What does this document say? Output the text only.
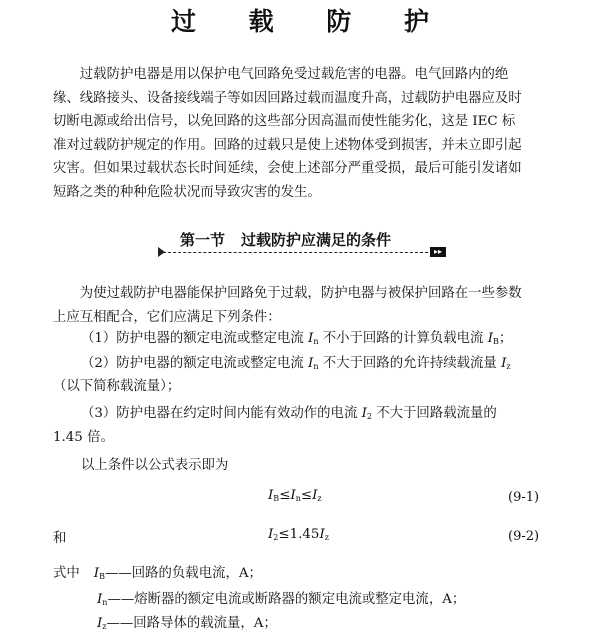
过 载 防 护
过载防护电器是用以保护电气回路免受过载危害的电器。电气回路内的绝
缘、线路接头、设备接线端子等如因回路过载而温度升高，过载防护电器应及时
切断电源或给出信号，以免回路的这些部分因高温而使性能劣化，这是 IEC 标
准对过载防护规定的作用。回路的过载只是使上述物体受到损害，并未立即引起
灾害。但如果过载状态长时间延续，会使上述部分严重受损，最后可能引发诸如
短路之类的种种危险状况而导致灾害的发生。
第一节 过载防护应满足的条件
▸▸
为使过载防护电器能保护回路免于过载，防护电器与被保护回路在一些参数
上应互相配合，它们应满足下列条件：
（1）防护电器的额定电流或整定电流 $I_n$ 不小于回路的计算负载电流 $I_B$；
（2）防护电器的额定电流或整定电流 $I_n$ 不大于回路的允许持续载流量 $I_z$
（以下简称载流量）；
（3）防护电器在约定时间内能有效动作的电流 $I_2$ 不大于回路载流量的
1.45 倍。
以上条件以公式表示即为
$I_B\le I_n\le I_z$	(9-1)
和	$I_2\le 1.45I_z$	(9-2)
式中 $I_B——$回路的负载电流，A；
$I_n——$熔断器的额定电流或断路器的额定电流或整定电流，A；
$I_z——$回路导体的载流量，A；
